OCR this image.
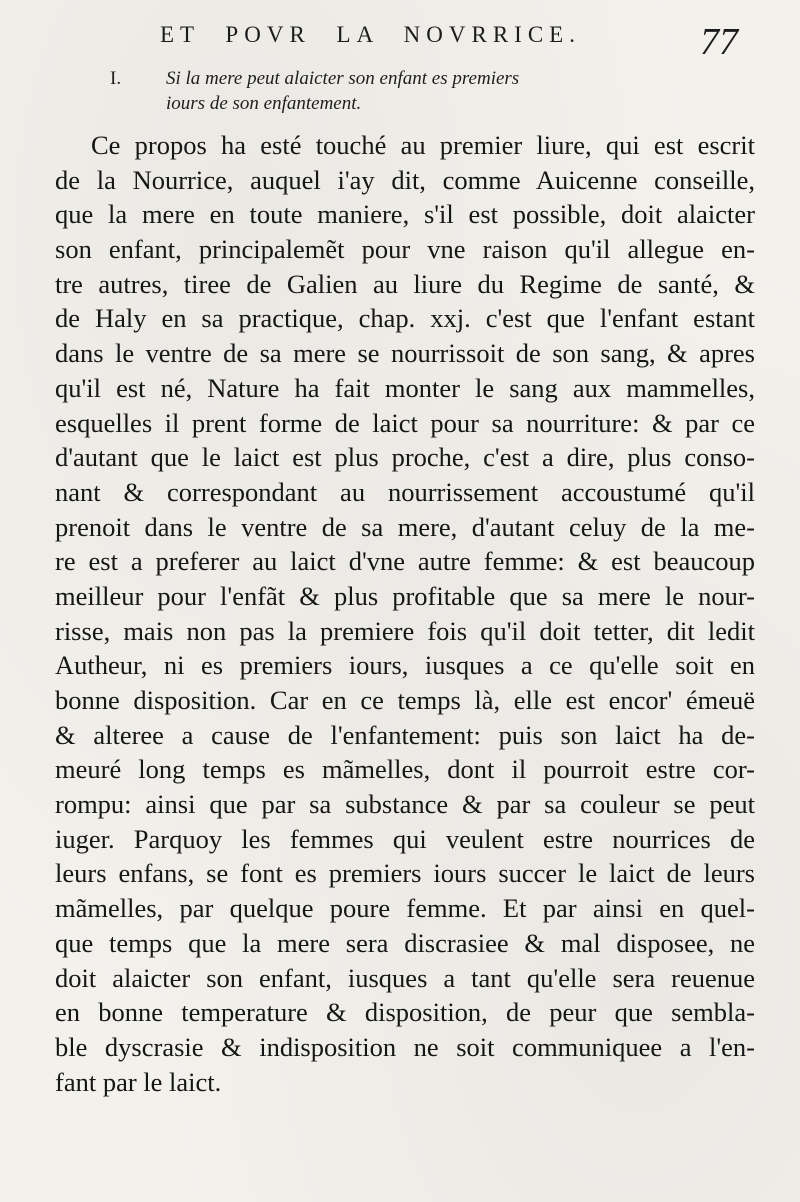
ET POVR LA NOVRRICE.	77
I. Si la mere peut alaicter son enfant es premiers
iours de son enfantement.
Ce propos ha esté touché au premier liure, qui est escrit
de la Nourrice, auquel i'ay dit, comme Auicenne conseille,
que la mere en toute maniere, s'il est possible, doit alaicter
son enfant, principalemẽt pour vne raison qu'il allegue en-
tre autres, tiree de Galien au liure du Regime de santé, &
de Haly en sa practique, chap. xxj. c'est que l'enfant estant
dans le ventre de sa mere se nourrissoit de son sang, & apres
qu'il est né, Nature ha fait monter le sang aux mammelles,
esquelles il prent forme de laict pour sa nourriture: & par ce
d'autant que le laict est plus proche, c'est a dire, plus conso-
nant & correspondant au nourrissement accoustumé qu'il
prenoit dans le ventre de sa mere, d'autant celuy de la me-
re est a preferer au laict d'vne autre femme: & est beaucoup
meilleur pour l'enfãt & plus profitable que sa mere le nour-
risse, mais non pas la premiere fois qu'il doit tetter, dit ledit
Autheur, ni es premiers iours, iusques a ce qu'elle soit en
bonne disposition. Car en ce temps là, elle est encor' émeuë
& alteree a cause de l'enfantement: puis son laict ha de-
meuré long temps es mãmelles, dont il pourroit estre cor-
rompu: ainsi que par sa substance & par sa couleur se peut
iuger. Parquoy les femmes qui veulent estre nourrices de
leurs enfans, se font es premiers iours succer le laict de leurs
mãmelles, par quelque poure femme. Et par ainsi en quel-
que temps que la mere sera discrasiee & mal disposee, ne
doit alaicter son enfant, iusques a tant qu'elle sera reuenue
en bonne temperature & disposition, de peur que sembla-
ble dyscrasie & indisposition ne soit communiquee a l'en-
fant par le laict.
